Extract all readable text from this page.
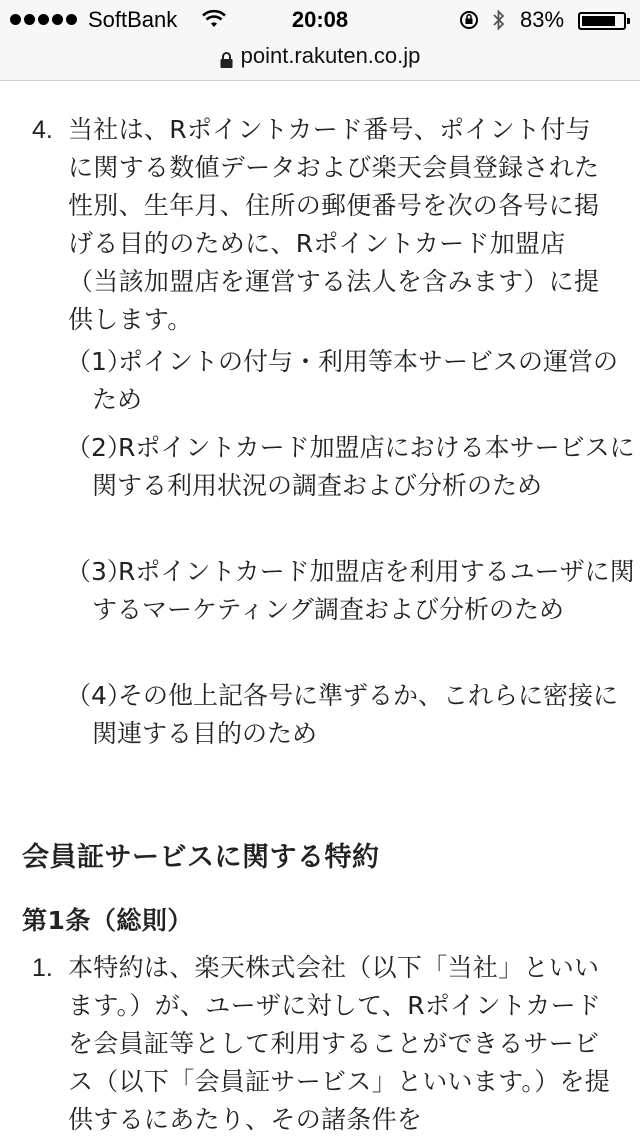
SoftBank	20:08	83%
point.rakuten.co.jp
4. 当社は、Rポイントカード番号、ポイント付与に関する数値データおよび楽天会員登録された性別、生年月、住所の郵便番号を次の各号に掲げる目的のために、Rポイントカード加盟店（当該加盟店を運営する法人を含みます）に提供します。
（1）
ポイントの付与・利用等本サービスの運営のため
（2）
Rポイントカード加盟店における本サービスに関する利用状況の調査および分析のため
（3）
Rポイントカード加盟店を利用するユーザに関するマーケティング調査および分析のため
（4）
その他上記各号に準ずるか、これらに密接に関連する目的のため
会員証サービスに関する特約
第1条（総則）
1. 本特約は、楽天株式会社（以下「当社」といいます。）が、ユーザに対して、Rポイントカードを会員証等として利用することができるサービス（以下「会員証サービス」といいます。）を提供するにあたり、その諸条件を
